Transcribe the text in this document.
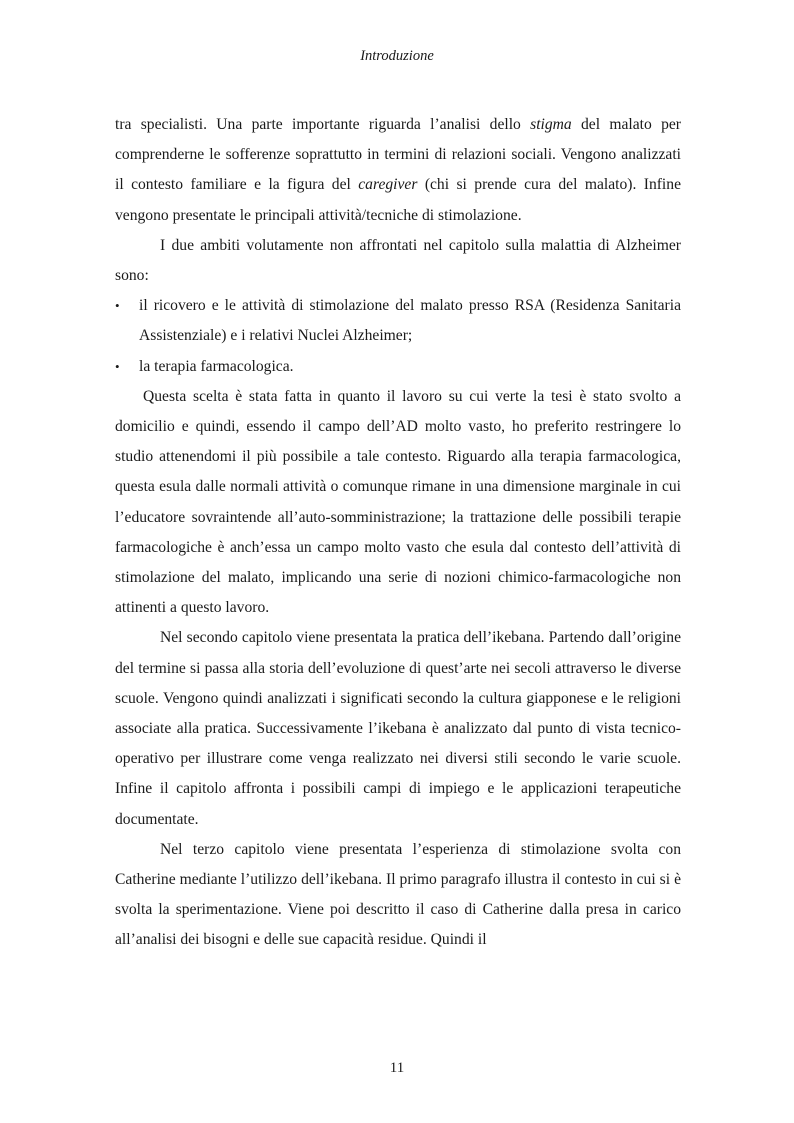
Introduzione

tra specialisti. Una parte importante riguarda l’analisi dello stigma del malato per comprenderne le sofferenze soprattutto in termini di relazioni sociali. Vengono analizzati il contesto familiare e la figura del caregiver (chi si prende cura del malato). Infine vengono presentate le principali attività/tecniche di stimolazione.

I due ambiti volutamente non affrontati nel capitolo sulla malattia di Alzheimer sono:

• il ricovero e le attività di stimolazione del malato presso RSA (Residenza Sanitaria Assistenziale) e i relativi Nuclei Alzheimer;
• la terapia farmacologica.

Questa scelta è stata fatta in quanto il lavoro su cui verte la tesi è stato svolto a domicilio e quindi, essendo il campo dell’AD molto vasto, ho preferito restringere lo studio attenendomi il più possibile a tale contesto. Riguardo alla terapia farmacologica, questa esula dalle normali attività o comunque rimane in una dimensione marginale in cui l’educatore sovraintende all’auto-somministrazione; la trattazione delle possibili terapie farmacologiche è anch’essa un campo molto vasto che esula dal contesto dell’attività di stimolazione del malato, implicando una serie di nozioni chimico-farmacologiche non attinenti a questo lavoro.

Nel secondo capitolo viene presentata la pratica dell’ikebana. Partendo dall’origine del termine si passa alla storia dell’evoluzione di quest’arte nei secoli attraverso le diverse scuole. Vengono quindi analizzati i significati secondo la cultura giapponese e le religioni associate alla pratica. Successivamente l’ikebana è analizzato dal punto di vista tecnico-operativo per illustrare come venga realizzato nei diversi stili secondo le varie scuole. Infine il capitolo affronta i possibili campi di impiego e le applicazioni terapeutiche documentate.

Nel terzo capitolo viene presentata l’esperienza di stimolazione svolta con Catherine mediante l’utilizzo dell’ikebana. Il primo paragrafo illustra il contesto in cui si è svolta la sperimentazione. Viene poi descritto il caso di Catherine dalla presa in carico all’analisi dei bisogni e delle sue capacità residue. Quindi il

11
